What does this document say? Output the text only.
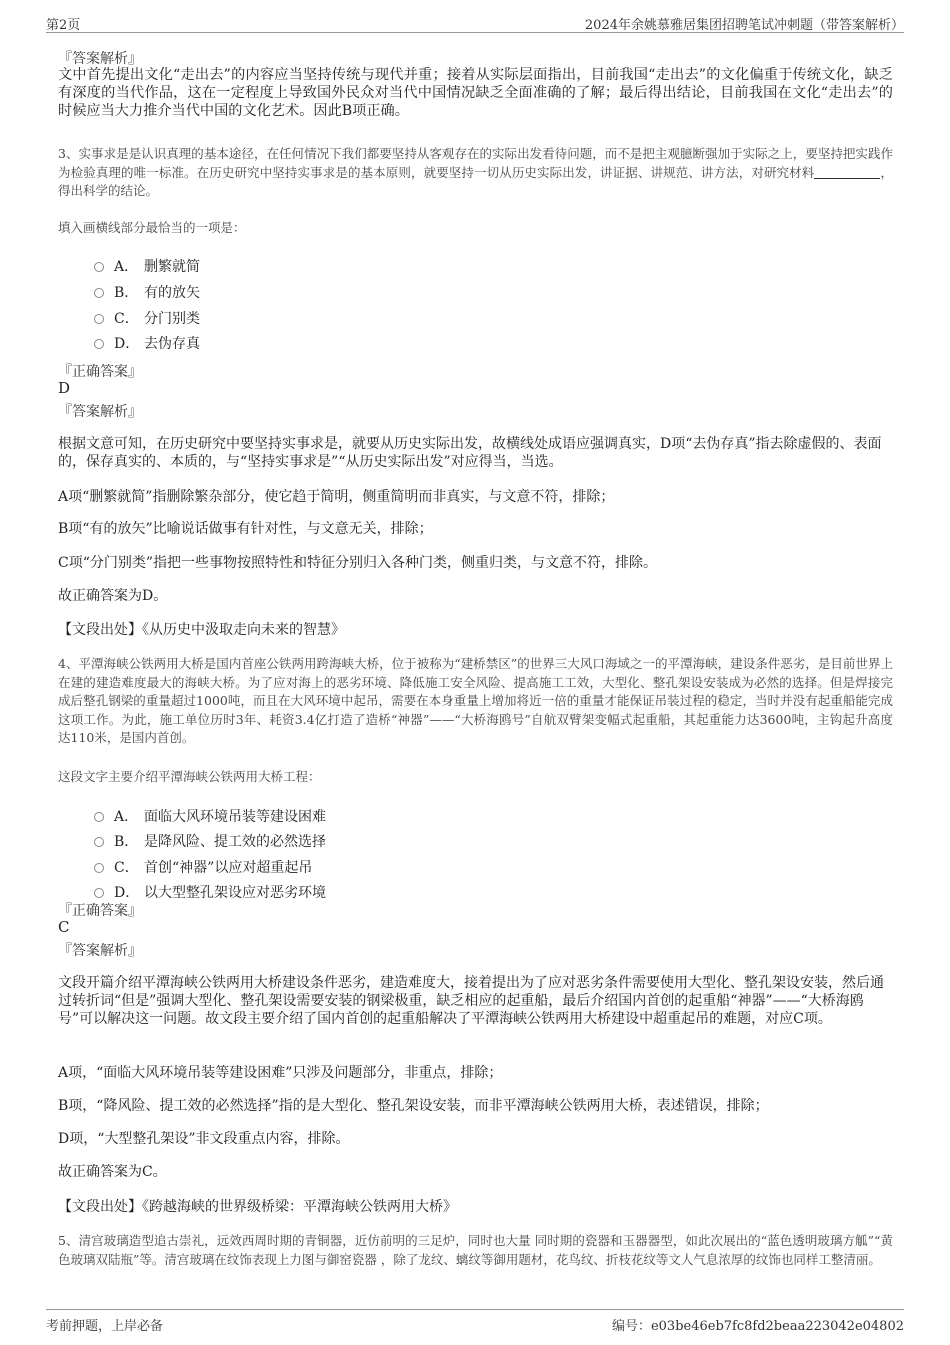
第2页	2024年余姚慕雅居集团招聘笔试冲刺题（带答案解析）
『答案解析』
文中首先提出文化“走出去”的内容应当坚持传统与现代并重；接着从实际层面指出，目前我国“走出去”的文化偏重于传统文化，缺乏有深度的当代作品，这在一定程度上导致国外民众对当代中国情况缺乏全面准确的了解；最后得出结论，目前我国在文化“走出去”的时候应当大力推介当代中国的文化艺术。因此B项正确。
3、实事求是是认识真理的基本途径，在任何情况下我们都要坚持从客观存在的实际出发看待问题，而不是把主观臆断强加于实际之上，要坚持把实践作为检验真理的唯一标准。在历史研究中坚持实事求是的基本原则，就要坚持一切从历史实际出发，讲证据、讲规范、讲方法，对研究材料	，得出科学的结论。
填入画横线部分最恰当的一项是：
A． 删繁就简
B． 有的放矢
C． 分门别类
D． 去伪存真
『正确答案』
D
『答案解析』
根据文意可知，在历史研究中要坚持实事求是，就要从历史实际出发，故横线处成语应强调真实，D项“去伪存真”指去除虚假的、表面的，保存真实的、本质的，与“坚持实事求是”“从历史实际出发”对应得当，当选。
A项“删繁就简”指删除繁杂部分，使它趋于简明，侧重简明而非真实，与文意不符，排除；
B项“有的放矢”比喻说话做事有针对性，与文意无关，排除；
C项“分门别类”指把一些事物按照特性和特征分别归入各种门类，侧重归类，与文意不符，排除。
故正确答案为D。
【文段出处】《从历史中汲取走向未来的智慧》
4、平潭海峡公铁两用大桥是国内首座公铁两用跨海峡大桥，位于被称为“建桥禁区”的世界三大风口海域之一的平潭海峡，建设条件恶劣，是目前世界上在建的建造难度最大的海峡大桥。为了应对海上的恶劣环境、降低施工安全风险、提高施工工效，大型化、整孔架设安装成为必然的选择。但是焊接完成后整孔钢梁的重量超过1000吨，而且在大风环境中起吊，需要在本身重量上增加将近一倍的重量才能保证吊装过程的稳定，当时并没有起重船能完成这项工作。为此，施工单位历时3年、耗资3.4亿打造了造桥“神器”——“大桥海鸥号”自航双臂架变幅式起重船，其起重能力达3600吨，主钩起升高度达110米，是国内首创。
这段文字主要介绍平潭海峡公铁两用大桥工程：
A． 面临大风环境吊装等建设困难
B． 是降风险、提工效的必然选择
C． 首创“神器”以应对超重起吊
D． 以大型整孔架设应对恶劣环境
『正确答案』
C
『答案解析』
文段开篇介绍平潭海峡公铁两用大桥建设条件恶劣，建造难度大，接着提出为了应对恶劣条件需要使用大型化、整孔架设安装，然后通过转折词“但是”强调大型化、整孔架设需要安装的钢梁极重，缺乏相应的起重船，最后介绍国内首创的起重船“神器”——“大桥海鸥号”可以解决这一问题。故文段主要介绍了国内首创的起重船解决了平潭海峡公铁两用大桥建设中超重起吊的难题，对应C项。
A项，“面临大风环境吊装等建设困难”只涉及问题部分，非重点，排除；
B项，“降风险、提工效的必然选择”指的是大型化、整孔架设安装，而非平潭海峡公铁两用大桥，表述错误，排除；
D项，“大型整孔架设”非文段重点内容，排除。
故正确答案为C。
【文段出处】《跨越海峡的世界级桥梁：平潭海峡公铁两用大桥》
5、清宫玻璃造型追古崇礼，远效西周时期的青铜器，近仿前明的三足炉，同时也大量 同时期的瓷器和玉器器型，如此次展出的“蓝色透明玻璃方觚”“黄色玻璃双陆瓶”等。清宫玻璃在纹饰表现上力图与御窑瓷器 ，除了龙纹、螭纹等御用题材，花鸟纹、折枝花纹等文人气息浓厚的纹饰也同样工整清丽。
考前押题，上岸必备	编号：e03be46eb7fc8fd2beaa223042e04802
